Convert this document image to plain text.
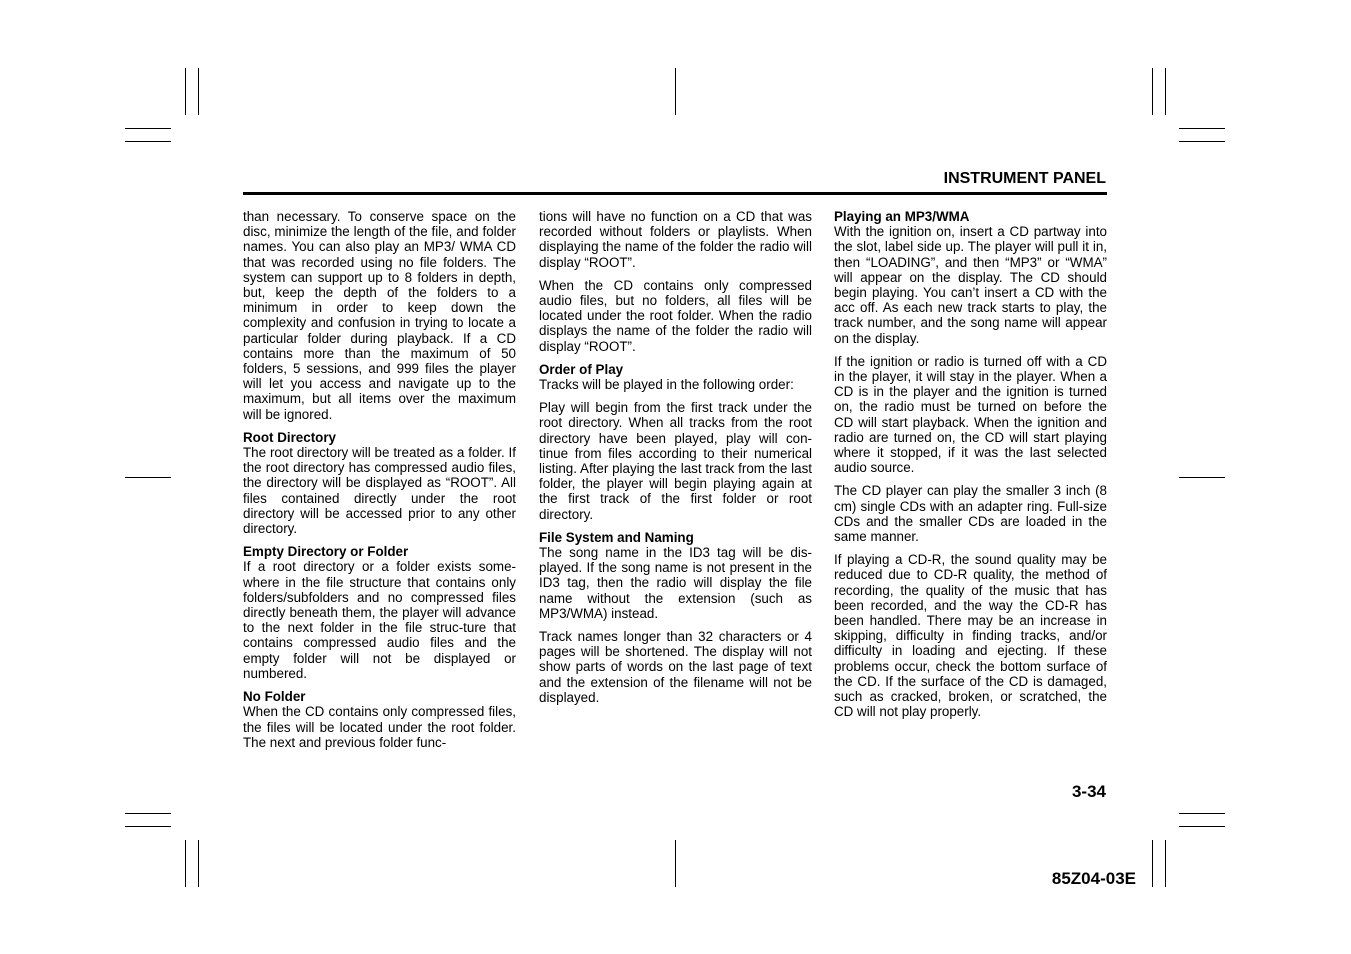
INSTRUMENT PANEL

than necessary. To conserve space on the disc, minimize the length of the file, and folder names. You can also play an MP3/ WMA CD that was recorded using no file folders. The system can support up to 8 folders in depth, but, keep the depth of the folders to a minimum in order to keep down the complexity and confusion in trying to locate a particular folder during playback. If a CD contains more than the maximum of 50 folders, 5 sessions, and 999 files the player will let you access and navigate up to the maximum, but all items over the maximum will be ignored.

Root Directory

The root directory will be treated as a folder. If the root directory has compressed audio files, the directory will be displayed as “ROOT”. All files contained directly under the root directory will be accessed prior to any other directory.

Empty Directory or Folder

If a root directory or a folder exists some-where in the file structure that contains only folders/subfolders and no compressed files directly beneath them, the player will advance to the next folder in the file struc-ture that contains compressed audio files and the empty folder will not be displayed or numbered.

No Folder

When the CD contains only compressed files, the files will be located under the root folder. The next and previous folder func-

tions will have no function on a CD that was recorded without folders or playlists. When displaying the name of the folder the radio will display “ROOT”.

When the CD contains only compressed audio files, but no folders, all files will be located under the root folder. When the radio displays the name of the folder the radio will display “ROOT”.

Order of Play

Tracks will be played in the following order:

Play will begin from the first track under the root directory. When all tracks from the root directory have been played, play will con-tinue from files according to their numerical listing. After playing the last track from the last folder, the player will begin playing again at the first track of the first folder or root directory.

File System and Naming

The song name in the ID3 tag will be dis-played. If the song name is not present in the ID3 tag, then the radio will display the file name without the extension (such as MP3/WMA) instead.

Track names longer than 32 characters or 4 pages will be shortened. The display will not show parts of words on the last page of text and the extension of the filename will not be displayed.

Playing an MP3/WMA

With the ignition on, insert a CD partway into the slot, label side up. The player will pull it in, then “LOADING”, and then “MP3” or “WMA” will appear on the display. The CD should begin playing. You can’t insert a CD with the acc off. As each new track starts to play, the track number, and the song name will appear on the display.

If the ignition or radio is turned off with a CD in the player, it will stay in the player. When a CD is in the player and the ignition is turned on, the radio must be turned on before the CD will start playback. When the ignition and radio are turned on, the CD will start playing where it stopped, if it was the last selected audio source.

The CD player can play the smaller 3 inch (8 cm) single CDs with an adapter ring. Full-size CDs and the smaller CDs are loaded in the same manner.

If playing a CD-R, the sound quality may be reduced due to CD-R quality, the method of recording, the quality of the music that has been recorded, and the way the CD-R has been handled. There may be an increase in skipping, difficulty in finding tracks, and/or difficulty in loading and ejecting. If these problems occur, check the bottom surface of the CD. If the surface of the CD is damaged, such as cracked, broken, or scratched, the CD will not play properly.

3-34
85Z04-03E
